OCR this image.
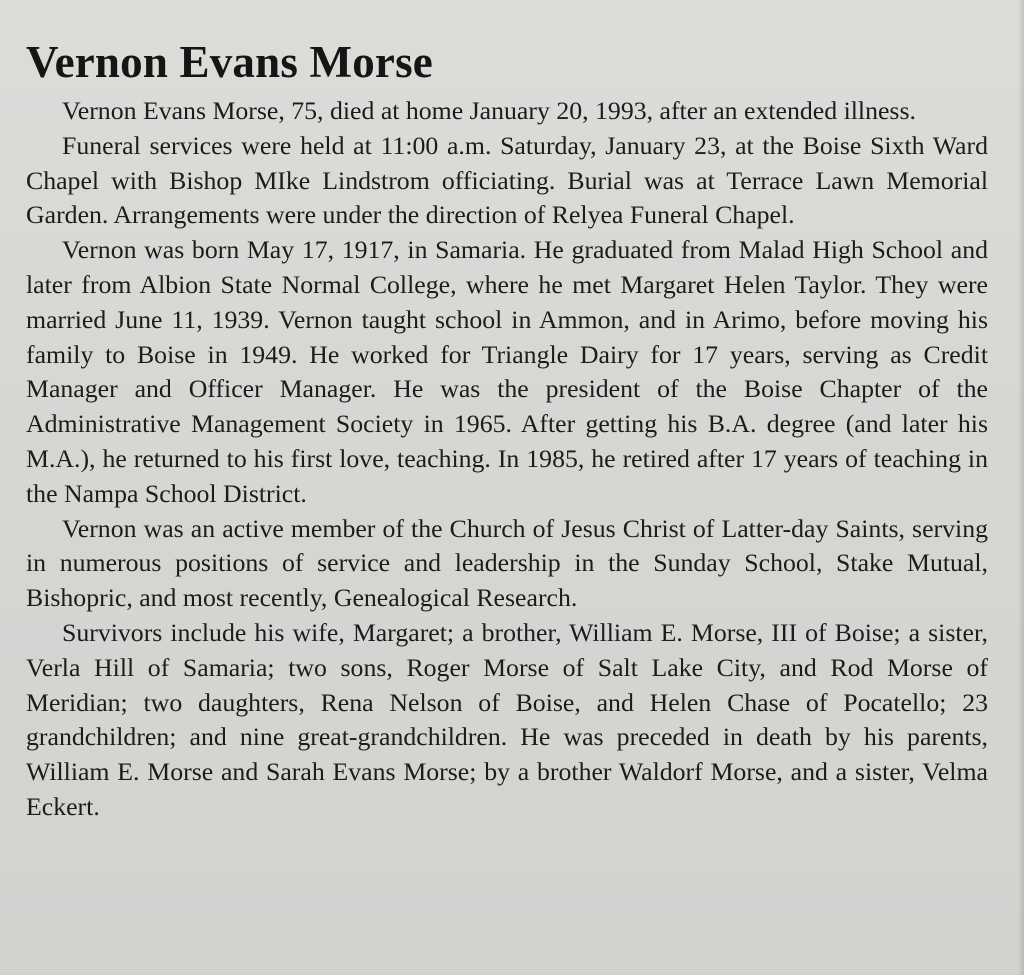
Vernon Evans Morse

Vernon Evans Morse, 75, died at home January 20, 1993, after an extended illness.

Funeral services were held at 11:00 a.m. Saturday, January 23, at the Boise Sixth Ward Chapel with Bishop MIke Lindstrom officiating. Burial was at Terrace Lawn Memorial Garden. Arrangements were under the direction of Relyea Funeral Chapel.

Vernon was born May 17, 1917, in Samaria. He graduated from Malad High School and later from Albion State Normal College, where he met Margaret Helen Taylor. They were married June 11, 1939. Vernon taught school in Ammon, and in Arimo, before moving his family to Boise in 1949. He worked for Triangle Dairy for 17 years, serving as Credit Manager and Officer Manager. He was the president of the Boise Chapter of the Administrative Management Society in 1965. After getting his B.A. degree (and later his M.A.), he returned to his first love, teaching. In 1985, he retired after 17 years of teaching in the Nampa School District.

Vernon was an active member of the Church of Jesus Christ of Latter-day Saints, serving in numerous positions of service and leadership in the Sunday School, Stake Mutual, Bishopric, and most recently, Genealogical Research.

Survivors include his wife, Margaret; a brother, William E. Morse, III of Boise; a sister, Verla Hill of Samaria; two sons, Roger Morse of Salt Lake City, and Rod Morse of Meridian; two daughters, Rena Nelson of Boise, and Helen Chase of Pocatello; 23 grandchildren; and nine great-grandchildren. He was preceded in death by his parents, William E. Morse and Sarah Evans Morse; by a brother Waldorf Morse, and a sister, Velma Eckert.
